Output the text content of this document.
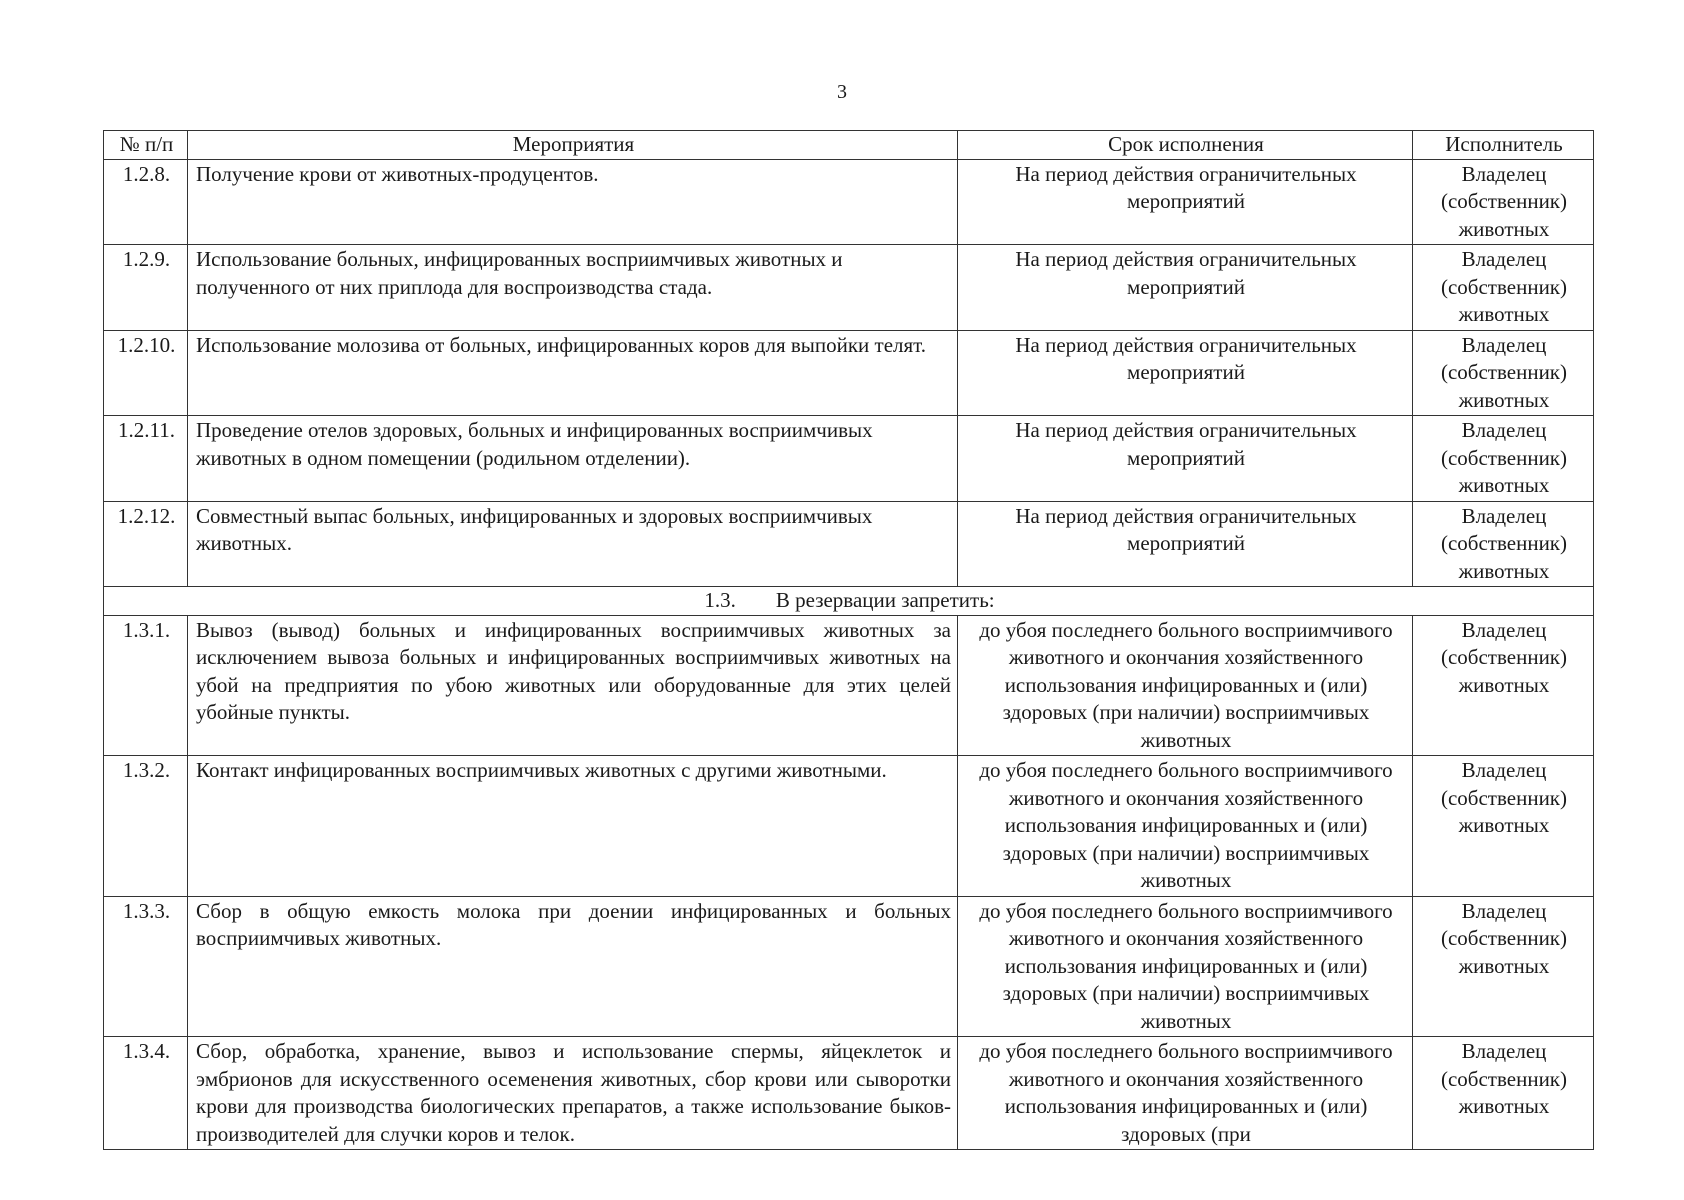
3
№ п/п	Мероприятия	Срок исполнения	Исполнитель
1.2.8.	Получение крови от животных-продуцентов.	На период действия ограничительных мероприятий	Владелец (собственник) животных
1.2.9.	Использование больных, инфицированных восприимчивых животных и полученного от них приплода для воспроизводства стада.	На период действия ограничительных мероприятий	Владелец (собственник) животных
1.2.10.	Использование молозива от больных, инфицированных коров для выпойки телят.	На период действия ограничительных мероприятий	Владелец (собственник) животных
1.2.11.	Проведение отелов здоровых, больных и инфицированных восприимчивых животных в одном помещении (родильном отделении).	На период действия ограничительных мероприятий	Владелец (собственник) животных
1.2.12.	Совместный выпас больных, инфицированных и здоровых восприимчивых животных.	На период действия ограничительных мероприятий	Владелец (собственник) животных
1.3. В резервации запретить:			
1.3.1.	Вывоз (вывод) больных и инфицированных восприимчивых животных за исключением вывоза больных и инфицированных восприимчивых животных на убой на предприятия по убою животных или оборудованные для этих целей убойные пункты.	до убоя последнего больного восприимчивого животного и окончания хозяйственного использования инфицированных и (или) здоровых (при наличии) восприимчивых животных	Владелец (собственник) животных
1.3.2.	Контакт инфицированных восприимчивых животных с другими животными.	до убоя последнего больного восприимчивого животного и окончания хозяйственного использования инфицированных и (или) здоровых (при наличии) восприимчивых животных	Владелец (собственник) животных
1.3.3.	Сбор в общую емкость молока при доении инфицированных и больных восприимчивых животных.	до убоя последнего больного восприимчивого животного и окончания хозяйственного использования инфицированных и (или) здоровых (при наличии) восприимчивых животных	Владелец (собственник) животных
1.3.4.	Сбор, обработка, хранение, вывоз и использование спермы, яйцеклеток и эмбрионов для искусственного осеменения животных, сбор крови или сыворотки крови для производства биологических препаратов, а также использование быков-производителей для случки коров и телок.	до убоя последнего больного восприимчивого животного и окончания хозяйственного использования инфицированных и (или) здоровых (при	Владелец (собственник) животных
